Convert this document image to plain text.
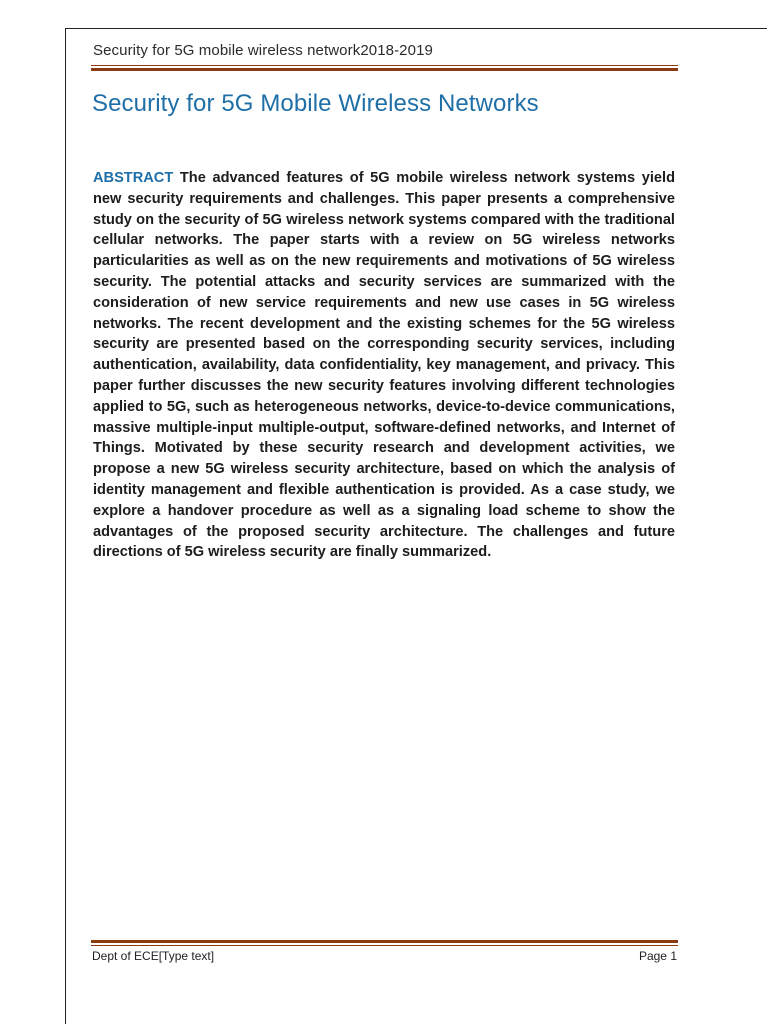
Security for 5G mobile wireless network2018-2019
Security for 5G Mobile Wireless Networks

ABSTRACT The advanced features of 5G mobile wireless network systems yield new security requirements and challenges. This paper presents a comprehensive study on the security of 5G wireless network systems compared with the traditional cellular networks. The paper starts with a review on 5G wireless networks particularities as well as on the new requirements and motivations of 5G wireless security. The potential attacks and security services are summarized with the consideration of new service requirements and new use cases in 5G wireless networks. The recent development and the existing schemes for the 5G wireless security are presented based on the corresponding security services, including authentication, availability, data confidentiality, key management, and privacy. This paper further discusses the new security features involving different technologies applied to 5G, such as heterogeneous networks, device-to-device communications, massive multiple-input multiple-output, software-defined networks, and Internet of Things. Motivated by these security research and development activities, we propose a new 5G wireless security architecture, based on which the analysis of identity management and flexible authentication is provided. As a case study, we explore a handover procedure as well as a signaling load scheme to show the advantages of the proposed security architecture. The challenges and future directions of 5G wireless security are finally summarized.

Dept of ECE[Type text]	Page 1
